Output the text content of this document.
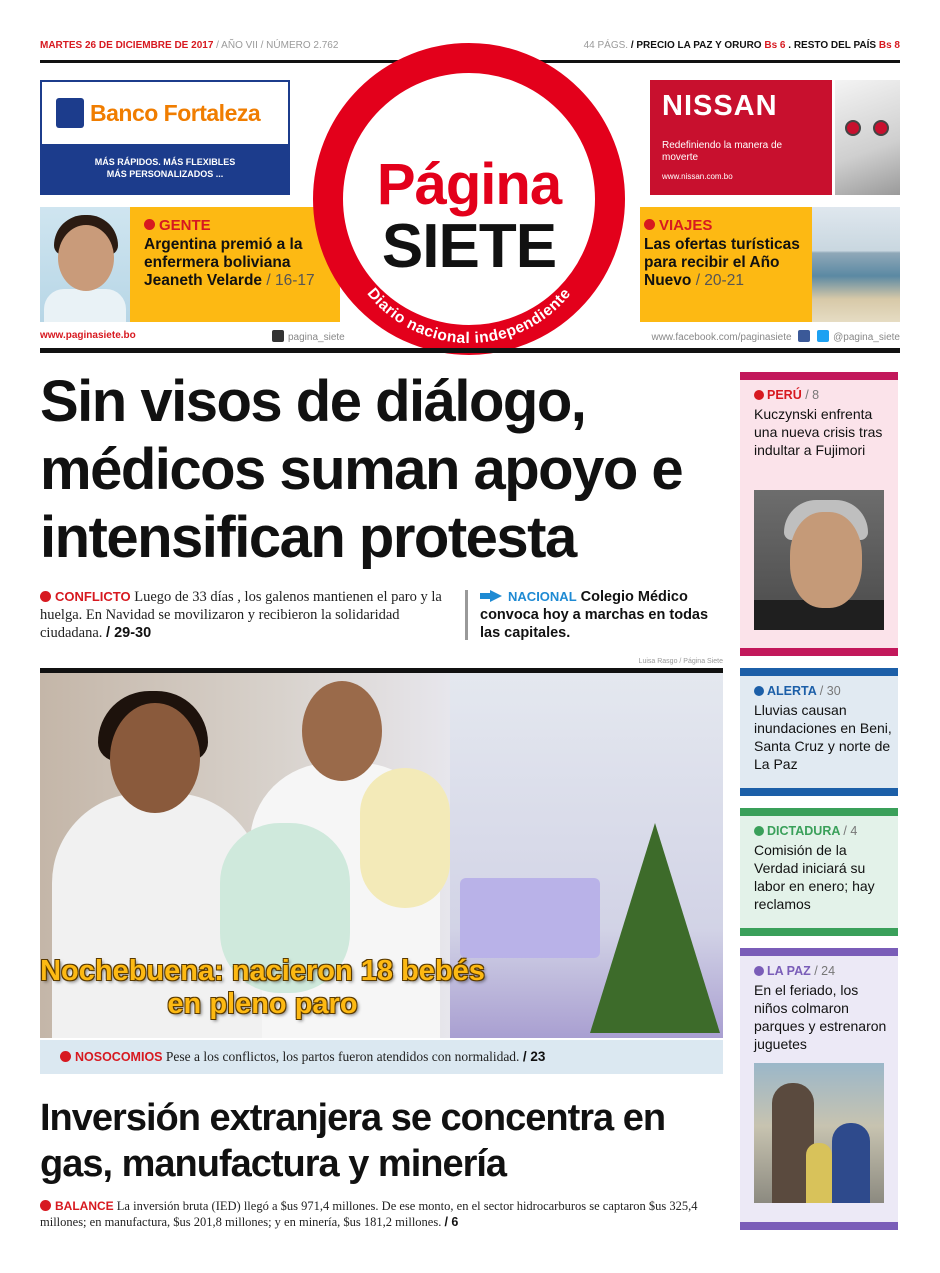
MARTES 26 DE DICIEMBRE DE 2017 / AÑO VII / NÚMERO 2.762	44 PÁGS. / PRECIO LA PAZ Y ORURO Bs 6 . RESTO DEL PAÍS Bs 8
Banco Fortaleza
MÁS RÁPIDOS. MÁS FLEXIBLES
MÁS PERSONALIZADOS ...
NISSAN
Redefiniendo la manera de moverte
www.nissan.com.bo
GENTE
Argentina premió a la enfermera boliviana Jeaneth Velarde / 16-17
VIAJES
Las ofertas turísticas para recibir el Año Nuevo / 20-21
Página
SIETE
Diario nacional independiente
www.paginasiete.bo	pagina_siete	www.facebook.com/paginasiete	@pagina_siete
Sin visos de diálogo, médicos suman apoyo e intensifican protesta
CONFLICTO Luego de 33 días , los galenos mantienen el paro y la huelga. En Navidad se movilizaron y recibieron la solidaridad ciudadana. / 29-30
NACIONAL Colegio Médico convoca hoy a marchas en todas las capitales.
Luisa Rasgo / Página Siete
Nochebuena: nacieron 18 bebés en pleno paro
NOSOCOMIOS Pese a los conflictos, los partos fueron atendidos con normalidad. / 23
Inversión extranjera se concentra en gas, manufactura y minería
BALANCE La inversión bruta (IED) llegó a $us 971,4 millones. De ese monto, en el sector hidrocarburos se captaron $us 325,4 millones; en manufactura, $us 201,8 millones; y en minería, $us 181,2 millones. / 6
PERÚ / 8
Kuczynski enfrenta una nueva crisis tras indultar a Fujimori
ALERTA / 30
Lluvias causan inundaciones en Beni, Santa Cruz y norte de La Paz
DICTADURA / 4
Comisión de la Verdad iniciará su labor en enero; hay reclamos
LA PAZ / 24
En el feriado, los niños colmaron parques y estrenaron juguetes
